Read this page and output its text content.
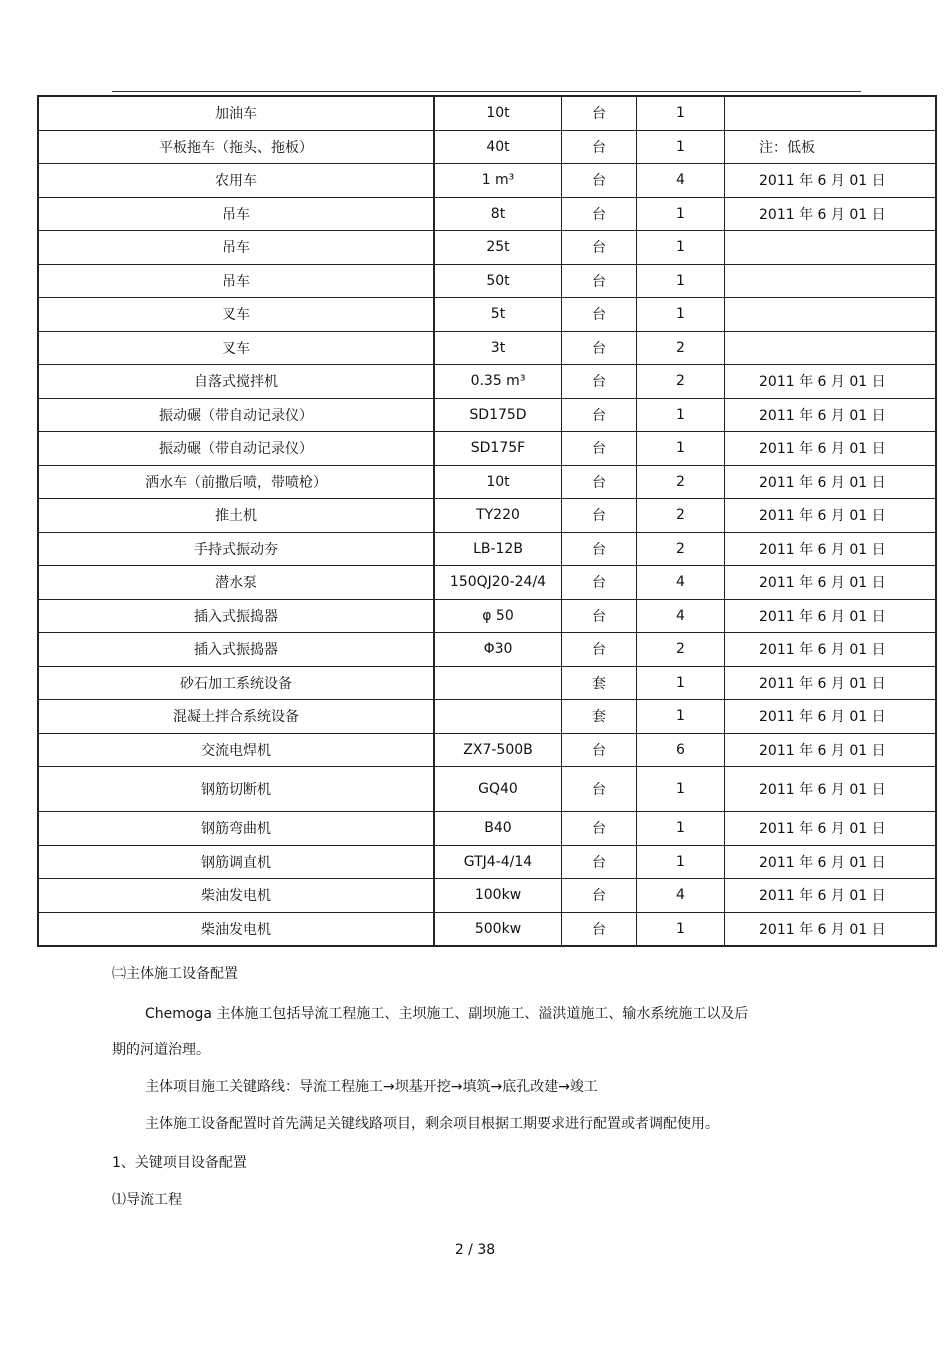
加油车	10t	台	1	
平板拖车（拖头、拖板）	40t	台	1	注：低板
农用车	1 m³	台	4	2011 年 6 月 01 日
吊车	8t	台	1	2011 年 6 月 01 日
吊车	25t	台	1	
吊车	50t	台	1	
叉车	5t	台	1	
叉车	3t	台	2	
自落式搅拌机	0.35 m³	台	2	2011 年 6 月 01 日
振动碾（带自动记录仪）	SD175D	台	1	2011 年 6 月 01 日
振动碾（带自动记录仪）	SD175F	台	1	2011 年 6 月 01 日
洒水车（前撒后喷，带喷枪）	10t	台	2	2011 年 6 月 01 日
推土机	TY220	台	2	2011 年 6 月 01 日
手持式振动夯	LB-12B	台	2	2011 年 6 月 01 日
潜水泵	150QJ20-24/4	台	4	2011 年 6 月 01 日
插入式振捣器	φ 50	台	4	2011 年 6 月 01 日
插入式振捣器	Φ30	台	2	2011 年 6 月 01 日
砂石加工系统设备		套	1	2011 年 6 月 01 日
混凝土拌合系统设备		套	1	2011 年 6 月 01 日
交流电焊机	ZX7-500B	台	6	2011 年 6 月 01 日
钢筋切断机	GQ40	台	1	2011 年 6 月 01 日
钢筋弯曲机	B40	台	1	2011 年 6 月 01 日
钢筋调直机	GTJ4-4/14	台	1	2011 年 6 月 01 日
柴油发电机	100kw	台	4	2011 年 6 月 01 日
柴油发电机	500kw	台	1	2011 年 6 月 01 日
㈡主体施工设备配置
Chemoga 主体施工包括导流工程施工、主坝施工、副坝施工、溢洪道施工、输水系统施工以及后
期的河道治理。
主体项目施工关键路线：导流工程施工→坝基开挖→填筑→底孔改建→竣工
主体施工设备配置时首先满足关键线路项目，剩余项目根据工期要求进行配置或者调配使用。
1、关键项目设备配置
⑴导流工程
2 / 38
